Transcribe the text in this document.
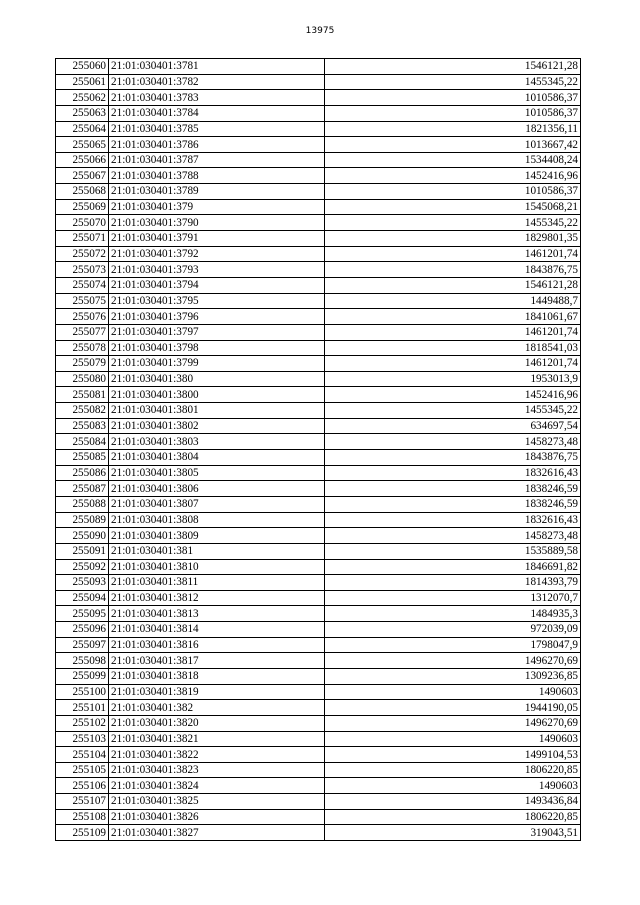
13975
255060	21:01:030401:3781	1546121,28
255061	21:01:030401:3782	1455345,22
255062	21:01:030401:3783	1010586,37
255063	21:01:030401:3784	1010586,37
255064	21:01:030401:3785	1821356,11
255065	21:01:030401:3786	1013667,42
255066	21:01:030401:3787	1534408,24
255067	21:01:030401:3788	1452416,96
255068	21:01:030401:3789	1010586,37
255069	21:01:030401:379	1545068,21
255070	21:01:030401:3790	1455345,22
255071	21:01:030401:3791	1829801,35
255072	21:01:030401:3792	1461201,74
255073	21:01:030401:3793	1843876,75
255074	21:01:030401:3794	1546121,28
255075	21:01:030401:3795	1449488,7
255076	21:01:030401:3796	1841061,67
255077	21:01:030401:3797	1461201,74
255078	21:01:030401:3798	1818541,03
255079	21:01:030401:3799	1461201,74
255080	21:01:030401:380	1953013,9
255081	21:01:030401:3800	1452416,96
255082	21:01:030401:3801	1455345,22
255083	21:01:030401:3802	634697,54
255084	21:01:030401:3803	1458273,48
255085	21:01:030401:3804	1843876,75
255086	21:01:030401:3805	1832616,43
255087	21:01:030401:3806	1838246,59
255088	21:01:030401:3807	1838246,59
255089	21:01:030401:3808	1832616,43
255090	21:01:030401:3809	1458273,48
255091	21:01:030401:381	1535889,58
255092	21:01:030401:3810	1846691,82
255093	21:01:030401:3811	1814393,79
255094	21:01:030401:3812	1312070,7
255095	21:01:030401:3813	1484935,3
255096	21:01:030401:3814	972039,09
255097	21:01:030401:3816	1798047,9
255098	21:01:030401:3817	1496270,69
255099	21:01:030401:3818	1309236,85
255100	21:01:030401:3819	1490603
255101	21:01:030401:382	1944190,05
255102	21:01:030401:3820	1496270,69
255103	21:01:030401:3821	1490603
255104	21:01:030401:3822	1499104,53
255105	21:01:030401:3823	1806220,85
255106	21:01:030401:3824	1490603
255107	21:01:030401:3825	1493436,84
255108	21:01:030401:3826	1806220,85
255109	21:01:030401:3827	319043,51
